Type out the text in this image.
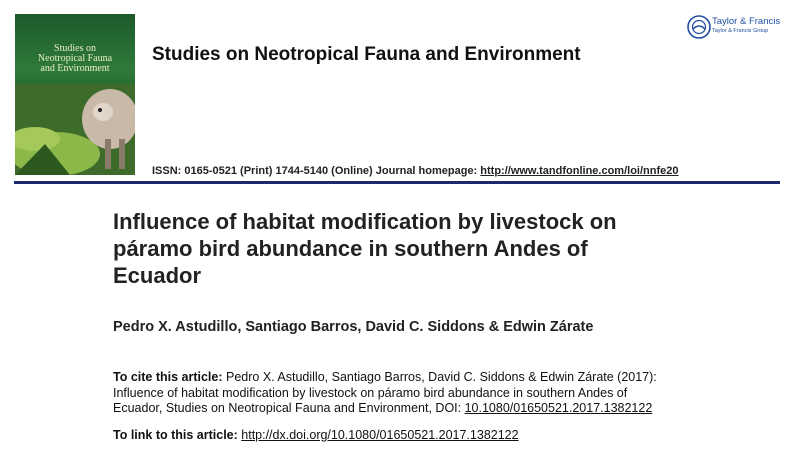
Studies on
Neotropical Fauna
and Environment
Studies on Neotropical Fauna and Environment
Taylor & Francis
Taylor & Francis Group
ISSN: 0165-0521 (Print) 1744-5140 (Online) Journal homepage: http://www.tandfonline.com/loi/nnfe20
Influence of habitat modification by livestock on
páramo bird abundance in southern Andes of
Ecuador
Pedro X. Astudillo, Santiago Barros, David C. Siddons & Edwin Zárate
To cite this article: Pedro X. Astudillo, Santiago Barros, David C. Siddons & Edwin Zárate (2017):
Influence of habitat modification by livestock on páramo bird abundance in southern Andes of
Ecuador, Studies on Neotropical Fauna and Environment, DOI: 10.1080/01650521.2017.1382122
To link to this article: http://dx.doi.org/10.1080/01650521.2017.1382122
